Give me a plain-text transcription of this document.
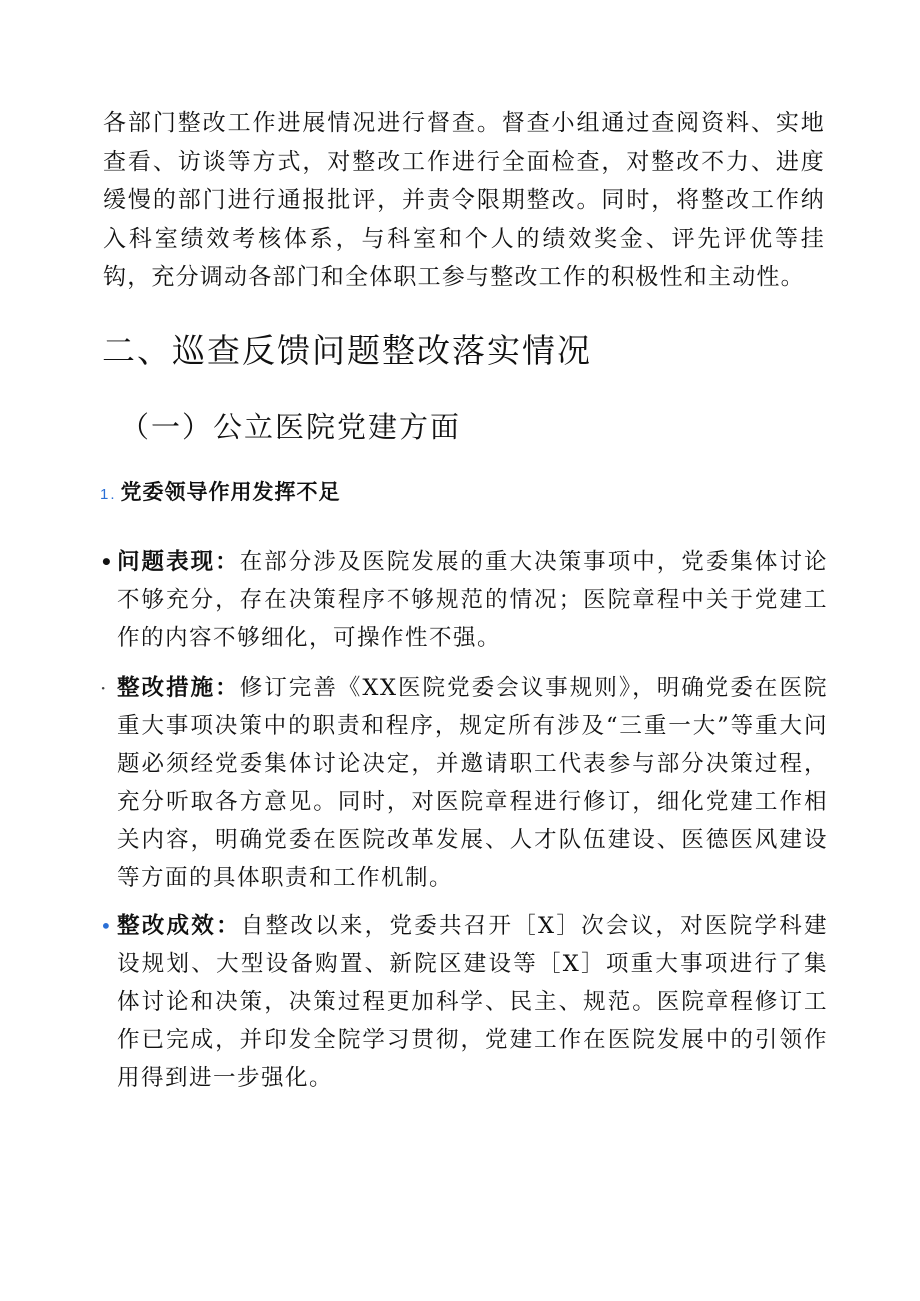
各部门整改工作进展情况进行督查。督查小组通过查阅资料、实地查看、访谈等方式，对整改工作进行全面检查，对整改不力、进度缓慢的部门进行通报批评，并责令限期整改。同时，将整改工作纳入科室绩效考核体系，与科室和个人的绩效奖金、评先评优等挂钩，充分调动各部门和全体职工参与整改工作的积极性和主动性。

二、巡查反馈问题整改落实情况
（一）公立医院党建方面
1. 党委领导作用发挥不足
• 问题表现：在部分涉及医院发展的重大决策事项中，党委集体讨论不够充分，存在决策程序不够规范的情况；医院章程中关于党建工作的内容不够细化，可操作性不强。
· 整改措施：修订完善《XX医院党委会议事规则》，明确党委在医院重大事项决策中的职责和程序，规定所有涉及“三重一大”等重大问题必须经党委集体讨论决定，并邀请职工代表参与部分决策过程，充分听取各方意见。同时，对医院章程进行修订，细化党建工作相关内容，明确党委在医院改革发展、人才队伍建设、医德医风建设等方面的具体职责和工作机制。
• 整改成效：自整改以来，党委共召开［X］次会议，对医院学科建设规划、大型设备购置、新院区建设等［X］项重大事项进行了集体讨论和决策，决策过程更加科学、民主、规范。医院章程修订工作已完成，并印发全院学习贯彻，党建工作在医院发展中的引领作用得到进一步强化。
